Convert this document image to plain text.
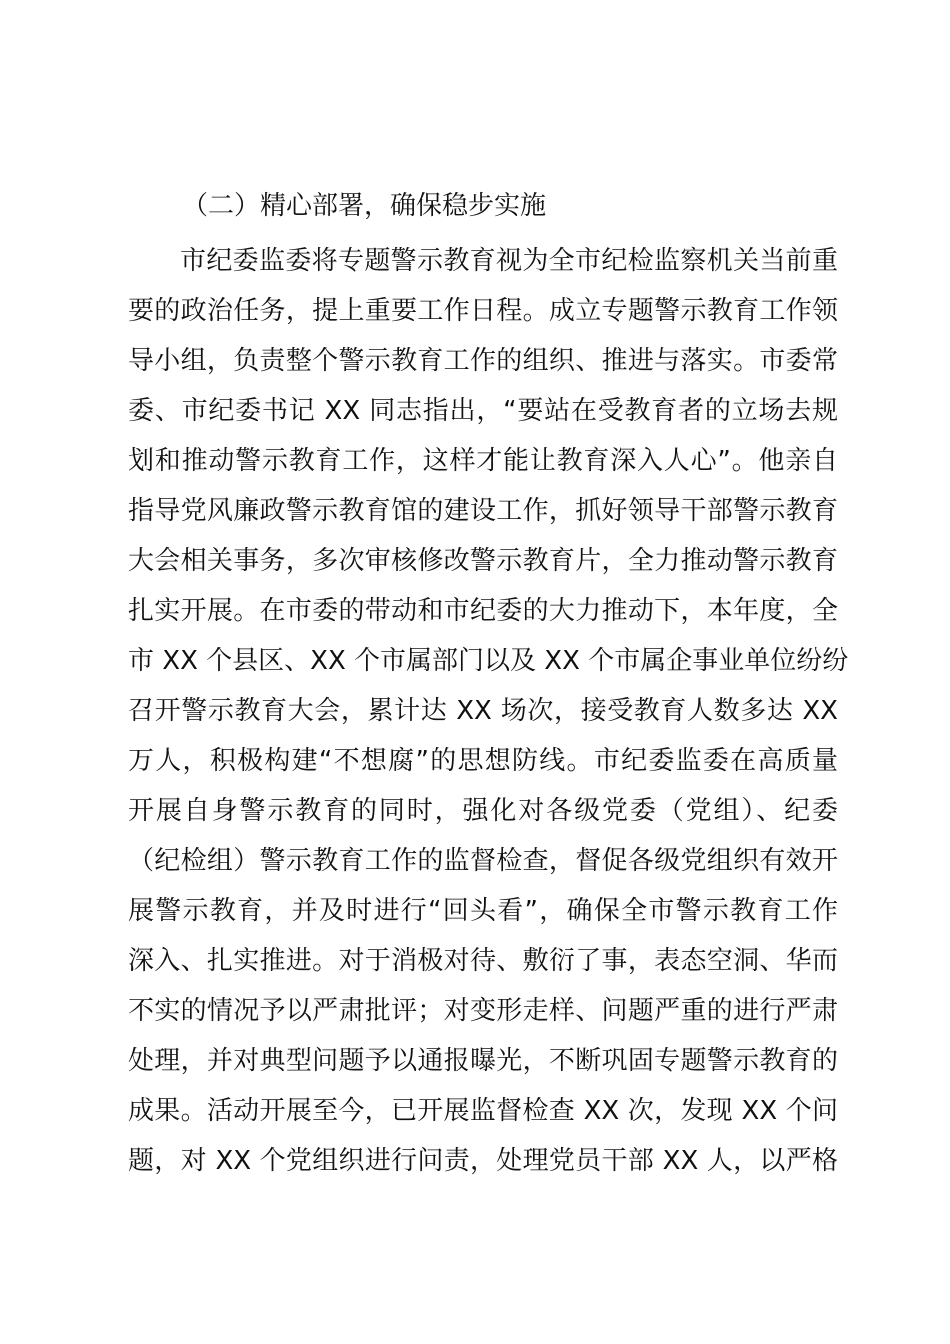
（二）精心部署，确保稳步实施
市纪委监委将专题警示教育视为全市纪检监察机关当前重
要的政治任务，提上重要工作日程。成立专题警示教育工作领
导小组，负责整个警示教育工作的组织、推进与落实。市委常
委、市纪委书记 XX 同志指出，“要站在受教育者的立场去规
划和推动警示教育工作，这样才能让教育深入人心”。他亲自
指导党风廉政警示教育馆的建设工作，抓好领导干部警示教育
大会相关事务，多次审核修改警示教育片，全力推动警示教育
扎实开展。在市委的带动和市纪委的大力推动下，本年度，全
市 XX 个县区、XX 个市属部门以及 XX 个市属企事业单位纷纷
召开警示教育大会，累计达 XX 场次，接受教育人数多达 XX
万人，积极构建“不想腐”的思想防线。市纪委监委在高质量
开展自身警示教育的同时，强化对各级党委（党组）、纪委
（纪检组）警示教育工作的监督检查，督促各级党组织有效开
展警示教育，并及时进行“回头看”，确保全市警示教育工作
深入、扎实推进。对于消极对待、敷衍了事，表态空洞、华而
不实的情况予以严肃批评；对变形走样、问题严重的进行严肃
处理，并对典型问题予以通报曝光，不断巩固专题警示教育的
成果。活动开展至今，已开展监督检查 XX 次，发现 XX 个问
题，对 XX 个党组织进行问责，处理党员干部 XX 人，以严格
